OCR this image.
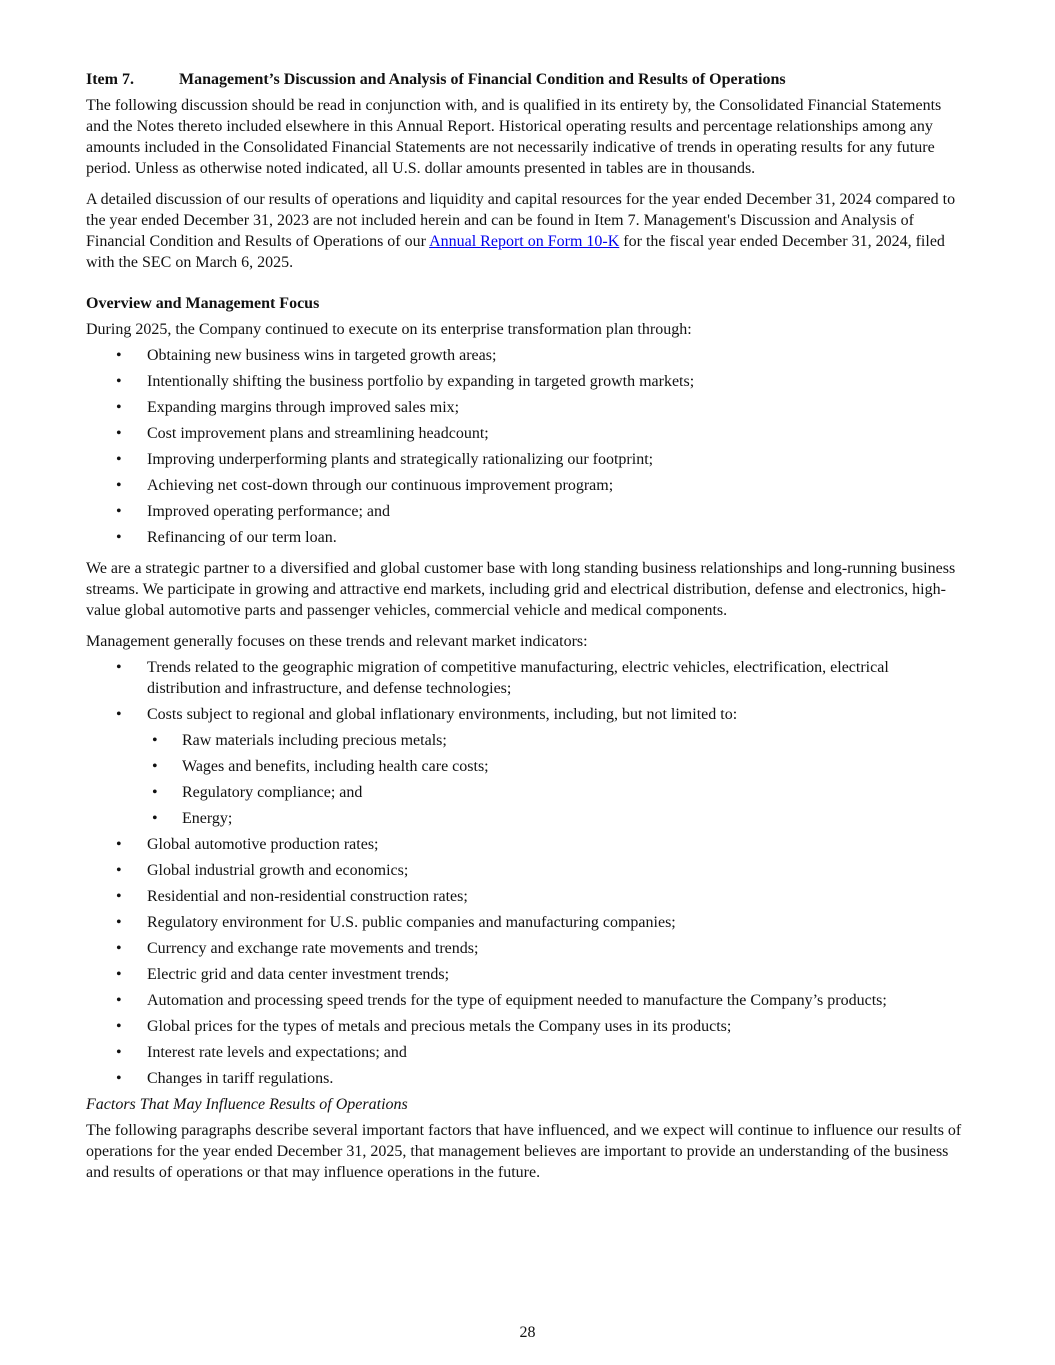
Item 7.	Management’s Discussion and Analysis of Financial Condition and Results of Operations

The following discussion should be read in conjunction with, and is qualified in its entirety by, the Consolidated Financial Statements and the Notes thereto included elsewhere in this Annual Report. Historical operating results and percentage relationships among any amounts included in the Consolidated Financial Statements are not necessarily indicative of trends in operating results for any future period. Unless as otherwise noted indicated, all U.S. dollar amounts presented in tables are in thousands.

A detailed discussion of our results of operations and liquidity and capital resources for the year ended December 31, 2024 compared to the year ended December 31, 2023 are not included herein and can be found in Item 7. Management's Discussion and Analysis of Financial Condition and Results of Operations of our Annual Report on Form 10-K for the fiscal year ended December 31, 2024, filed with the SEC on March 6, 2025.

Overview and Management Focus

During 2025, the Company continued to execute on its enterprise transformation plan through:

• Obtaining new business wins in targeted growth areas;
• Intentionally shifting the business portfolio by expanding in targeted growth markets;
• Expanding margins through improved sales mix;
• Cost improvement plans and streamlining headcount;
• Improving underperforming plants and strategically rationalizing our footprint;
• Achieving net cost-down through our continuous improvement program;
• Improved operating performance; and
• Refinancing of our term loan.

We are a strategic partner to a diversified and global customer base with long standing business relationships and long-running business streams. We participate in growing and attractive end markets, including grid and electrical distribution, defense and electronics, high-value global automotive parts and passenger vehicles, commercial vehicle and medical components.

Management generally focuses on these trends and relevant market indicators:

• Trends related to the geographic migration of competitive manufacturing, electric vehicles, electrification, electrical distribution and infrastructure, and defense technologies;
• Costs subject to regional and global inflationary environments, including, but not limited to:
• Raw materials including precious metals;
• Wages and benefits, including health care costs;
• Regulatory compliance; and
• Energy;
• Global automotive production rates;
• Global industrial growth and economics;
• Residential and non-residential construction rates;
• Regulatory environment for U.S. public companies and manufacturing companies;
• Currency and exchange rate movements and trends;
• Electric grid and data center investment trends;
• Automation and processing speed trends for the type of equipment needed to manufacture the Company’s products;
• Global prices for the types of metals and precious metals the Company uses in its products;
• Interest rate levels and expectations; and
• Changes in tariff regulations.
Factors That May Influence Results of Operations

The following paragraphs describe several important factors that have influenced, and we expect will continue to influence our results of operations for the year ended December 31, 2025, that management believes are important to provide an understanding of the business and results of operations or that may influence operations in the future.

28
